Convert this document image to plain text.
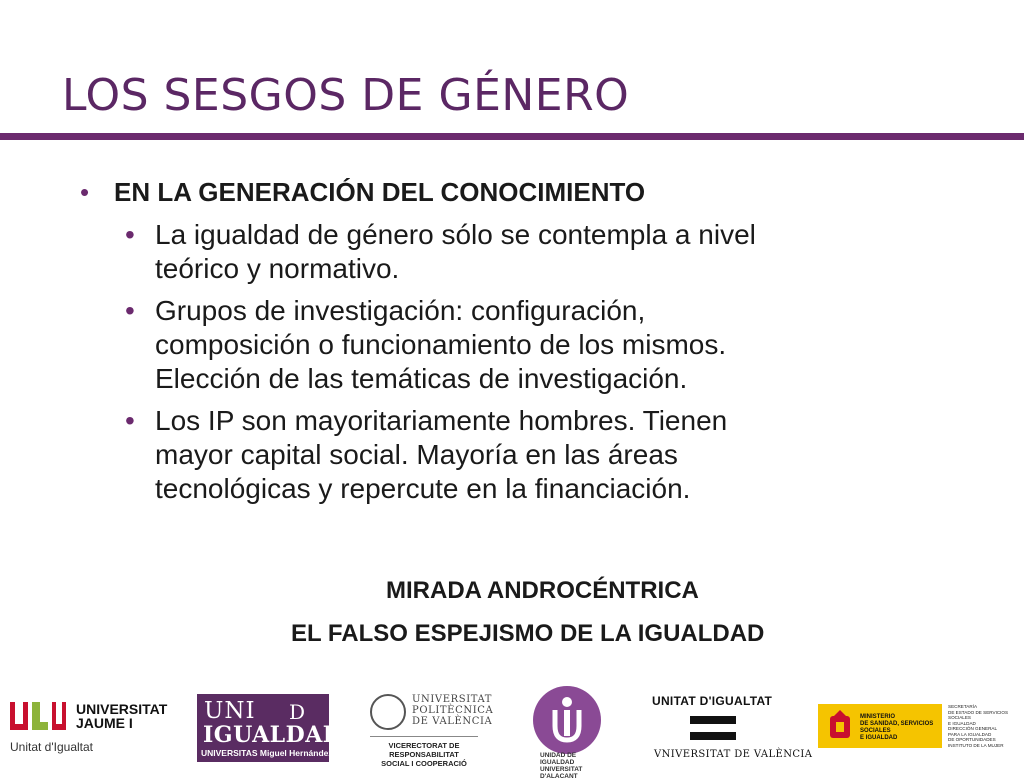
LOS SESGOS DE GÉNERO
• EN LA GENERACIÓN DEL CONOCIMIENTO
• La igualdad de género sólo se contempla a nivel
teórico y normativo.
• Grupos de investigación: configuración,
composición o funcionamiento de los mismos.
Elección de las temáticas de investigación.
• Los IP son mayoritariamente hombres. Tienen
mayor capital social. Mayoría en las áreas
tecnológicas y repercute en la financiación.
MIRADA ANDROCÉNTRICA
EL FALSO ESPEJISMO DE LA IGUALDAD
UNIVERSITAT
JAUME I
Unitat d'Igualtat
UNI D
IGUALDAD
UNIVERSITAS Miguel Hernández
UNIVERSITAT
POLITÈCNICA
DE VALÈNCIA
VICERECTORAT DE RESPONSABILITAT
SOCIAL I COOPERACIÓ
UNIDAD DE IGUALDAD
UNIVERSITAT D'ALACANT
UNITAT D'IGUALTAT
VNIVERSITAT DE VALÈNCIA
MINISTERIO
DE SANIDAD, SERVICIOS SOCIALES
E IGUALDAD
SECRETARÍA
DE ESTADO DE SERVICIOS SOCIALES
E IGUALDAD
DIRECCIÓN GENERAL
PARA LA IGUALDAD
DE OPORTUNIDADES
INSTITUTO DE LA MUJER
